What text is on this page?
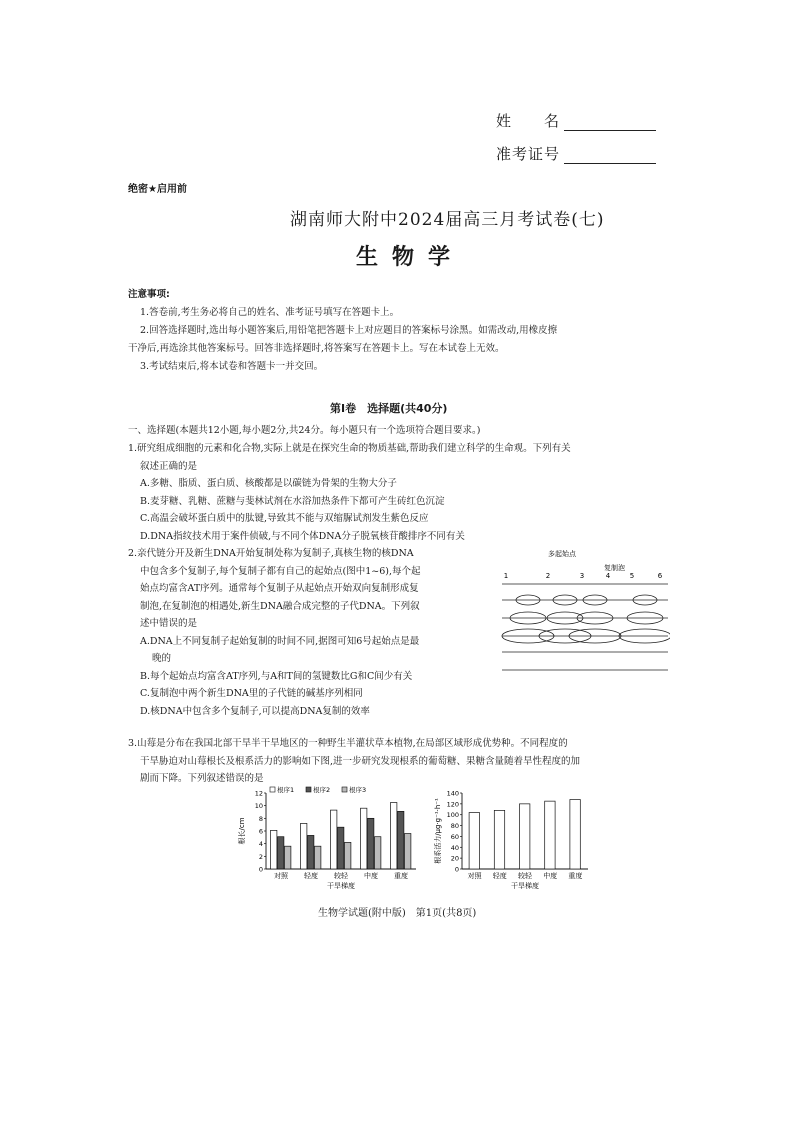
姓　　名
准考证号
绝密★启用前
湖南师大附中2024届高三月考试卷(七)
生物学
注意事项:
1.答卷前,考生务必将自己的姓名、准考证号填写在答题卡上。
2.回答选择题时,选出每小题答案后,用铅笔把答题卡上对应题目的答案标号涂黑。如需改动,用橡皮擦
干净后,再选涂其他答案标号。回答非选择题时,将答案写在答题卡上。写在本试卷上无效。
3.考试结束后,将本试卷和答题卡一并交回。
第Ⅰ卷　选择题(共40分)
一、选择题(本题共12小题,每小题2分,共24分。每小题只有一个选项符合题目要求。)

1.研究组成细胞的元素和化合物,实际上就是在探究生命的物质基础,帮助我们建立科学的生命观。下列有关

叙述正确的是

A.多糖、脂质、蛋白质、核酸都是以碳链为骨架的生物大分子

B.麦芽糖、乳糖、蔗糖与斐林试剂在水浴加热条件下都可产生砖红色沉淀

C.高温会破坏蛋白质中的肽键,导致其不能与双缩脲试剂发生紫色反应

D.DNA指纹技术用于案件侦破,与不同个体DNA分子脱氧核苷酸排序不同有关

2.亲代链分开及新生DNA开始复制处称为复制子,真核生物的核DNA

中包含多个复制子,每个复制子都有自己的起始点(图中1~6),每个起

始点均富含AT序列。通常每个复制子从起始点开始双向复制形成复

制泡,在复制泡的相遇处,新生DNA融合成完整的子代DNA。下列叙

述中错误的是

A.DNA上不同复制子起始复制的时间不同,据图可知6号起始点是最

晚的

B.每个起始点均富含AT序列,与A和T间的氢键数比G和C间少有关

C.复制泡中两个新生DNA里的子代链的碱基序列相同

D.核DNA中包含多个复制子,可以提高DNA复制的效率

多起始点
复制泡
1	2	3	4	5	6

3.山莓是分布在我国北部干旱半干旱地区的一种野生半灌状草本植物,在局部区域形成优势种。不同程度的

干旱胁迫对山莓根长及根系活力的影响如下图,进一步研究发现根系的葡萄糖、果糖含量随着旱性程度的加

剧而下降。下列叙述错误的是

根长/cm
0
2
4
6
8
10
12
对照 轻度 较轻 中度 重度
干旱梯度
根序1	根序2	根序3
根系活力/μg·g⁻¹·h⁻¹
0
20
40
60
80
100
120
140
对照 轻度 较轻 中度 重度
干旱梯度
生物学试题(附中版)　第1页(共8页)
